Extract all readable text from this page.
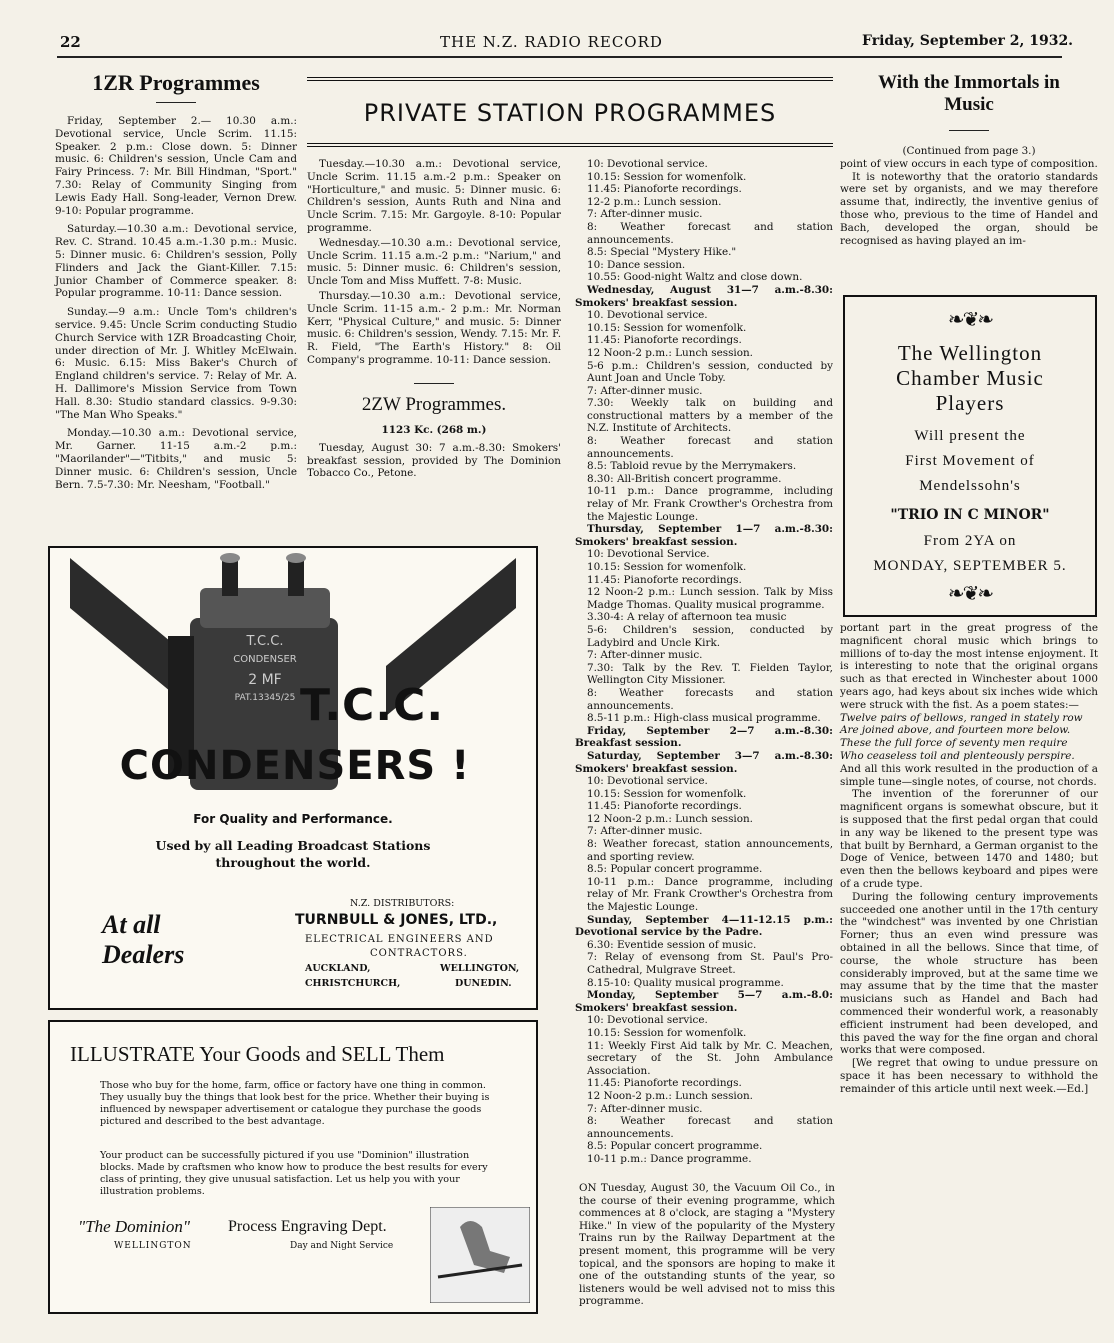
22	THE N.Z. RADIO RECORD	Friday, September 2, 1932.
1ZR Programmes
Friday, September 2.— 10.30 a.m.: Devotional service, Uncle Scrim. 11.15: Speaker. 2 p.m.: Close down. 5: Dinner music. 6: Children's session, Uncle Cam and Fairy Princess. 7: Mr. Bill Hindman, "Sport." 7.30: Relay of Community Singing from Lewis Eady Hall. Song-leader, Vernon Drew. 9-10: Popular programme.
Saturday.—10.30 a.m.: Devotional service, Rev. C. Strand. 10.45 a.m.-1.30 p.m.: Music. 5: Dinner music. 6: Children's session, Polly Flinders and Jack the Giant-Killer. 7.15: Junior Chamber of Commerce speaker. 8: Popular programme. 10-11: Dance session.
Sunday.—9 a.m.: Uncle Tom's children's service. 9.45: Uncle Scrim conducting Studio Church Service with 1ZR Broadcasting Choir, under direction of Mr. J. Whitley McElwain. 6: Music. 6.15: Miss Baker's Church of England children's service. 7: Relay of Mr. A. H. Dallimore's Mission Service from Town Hall. 8.30: Studio standard classics. 9-9.30: "The Man Who Speaks."
Monday.—10.30 a.m.: Devotional service, Mr. Garner. 11-15 a.m.-2 p.m.: "Maorilander"—"Titbits," and music 5: Dinner music. 6: Children's session, Uncle Bern. 7.5-7.30: Mr. Neesham, "Football."
PRIVATE STATION PROGRAMMES
Tuesday.—10.30 a.m.: Devotional service, Uncle Scrim. 11.15 a.m.-2 p.m.: Speaker on "Horticulture," and music. 5: Dinner music. 6: Children's session, Aunts Ruth and Nina and Uncle Scrim. 7.15: Mr. Gargoyle. 8-10: Popular programme.
Wednesday.—10.30 a.m.: Devotional service, Uncle Scrim. 11.15 a.m.-2 p.m.: "Narium," and music. 5: Dinner music. 6: Children's session, Uncle Tom and Miss Muffett. 7-8: Music.
Thursday.—10.30 a.m.: Devotional service, Uncle Scrim. 11-15 a.m.- 2 p.m.: Mr. Norman Kerr, "Physical Culture," and music. 5: Dinner music. 6: Children's session, Wendy. 7.15: Mr. F. R. Field, "The Earth's History." 8: Oil Company's programme. 10-11: Dance session.
2ZW Programmes.
1123 Kc. (268 m.)
Tuesday, August 30: 7 a.m.-8.30: Smokers' breakfast session, provided by The Dominion Tobacco Co., Petone.
10: Devotional service.
10.15: Session for womenfolk.
11.45: Pianoforte recordings.
12-2 p.m.: Lunch session.
7: After-dinner music.
8: Weather forecast and station announcements.
8.5: Special "Mystery Hike."
10: Dance session.
10.55: Good-night Waltz and close down.
Wednesday, August 31—7 a.m.-8.30: Smokers' breakfast session.
10. Devotional service.
10.15: Session for womenfolk.
11.45: Pianoforte recordings.
12 Noon-2 p.m.: Lunch session.
5-6 p.m.: Children's session, conducted by Aunt Joan and Uncle Toby.
7: After-dinner music.
7.30: Weekly talk on building and constructional matters by a member of the N.Z. Institute of Architects.
8: Weather forecast and station announcements.
8.5: Tabloid revue by the Merrymakers.
8.30: All-British concert programme.
10-11 p.m.: Dance programme, including relay of Mr. Frank Crowther's Orchestra from the Majestic Lounge.
Thursday, September 1—7 a.m.-8.30: Smokers' breakfast session.
10: Devotional Service.
10.15: Session for womenfolk.
11.45: Pianoforte recordings.
12 Noon-2 p.m.: Lunch session. Talk by Miss Madge Thomas. Quality musical programme.
3.30-4: A relay of afternoon tea music
5-6: Children's session, conducted by Ladybird and Uncle Kirk.
7: After-dinner music.
7.30: Talk by the Rev. T. Fielden Taylor, Wellington City Missioner.
8: Weather forecasts and station announcements.
8.5-11 p.m.: High-class musical programme.
Friday, September 2—7 a.m.-8.30: Breakfast session.
Saturday, September 3—7 a.m.-8.30: Smokers' breakfast session.
10: Devotional service.
10.15: Session for womenfolk.
11.45: Pianoforte recordings.
12 Noon-2 p.m.: Lunch session.
7: After-dinner music.
8: Weather forecast, station announcements, and sporting review.
8.5: Popular concert programme.
10-11 p.m.: Dance programme, including relay of Mr. Frank Crowther's Orchestra from the Majestic Lounge.
Sunday, September 4—11-12.15 p.m.: Devotional service by the Padre.
6.30: Eventide session of music.
7: Relay of evensong from St. Paul's Pro-Cathedral, Mulgrave Street.
8.15-10: Quality musical programme.
Monday, September 5—7 a.m.-8.0: Smokers' breakfast session.
10: Devotional service.
10.15: Session for womenfolk.
11: Weekly First Aid talk by Mr. C. Meachen, secretary of the St. John Ambulance Association.
11.45: Pianoforte recordings.
12 Noon-2 p.m.: Lunch session.
7: After-dinner music.
8: Weather forecast and station announcements.
8.5: Popular concert programme.
10-11 p.m.: Dance programme.
ON Tuesday, August 30, the Vacuum Oil Co., in the course of their evening programme, which commences at 8 o'clock, are staging a "Mystery Hike." In view of the popularity of the Mystery Trains run by the Railway Department at the present moment, this programme will be very topical, and the sponsors are hoping to make it one of the outstanding stunts of the year, so listeners would be well advised not to miss this programme.
With the Immortals in
Music
(Continued from page 3.)
point of view occurs in each type of composition.
It is noteworthy that the oratorio standards were set by organists, and we may therefore assume that, indirectly, the inventive genius of those who, previous to the time of Handel and Bach, developed the organ, should be recognised as having played an im-
❧❦❧
The Wellington
Chamber Music
Players
Will present the
First Movement of
Mendelssohn's
"TRIO IN C MINOR"
From 2YA on
MONDAY, SEPTEMBER 5.
❧❦❧
portant part in the great progress of the magnificent choral music which brings to millions of to-day the most intense enjoyment. It is interesting to note that the original organs such as that erected in Winchester about 1000 years ago, had keys about six inches wide which were struck with the fist. As a poem states:—
Twelve pairs of bellows, ranged in stately row
Are joined above, and fourteen more below.
These the full force of seventy men require
Who ceaseless toil and plenteously perspire.
And all this work resulted in the production of a simple tune—single notes, of course, not chords.
The invention of the forerunner of our magnificent organs is somewhat obscure, but it is supposed that the first pedal organ that could in any way be likened to the present type was that built by Bernhard, a German organist to the Doge of Venice, between 1470 and 1480; but even then the bellows keyboard and pipes were of a crude type.
During the following century improvements succeeded one another until in the 17th century the "windchest" was invented by one Christian Forner; thus an even wind pressure was obtained in all the bellows. Since that time, of course, the whole structure has been considerably improved, but at the same time we may assume that by the time that the master musicians such as Handel and Bach had commenced their wonderful work, a reasonably efficient instrument had been developed, and this paved the way for the fine organ and choral works that were composed.
[We regret that owing to undue pressure on space it has been necessary to withhold the remainder of this article until next week.—Ed.]
T.C.C.
CONDENSER
2 MF
PAT.13345/25 T.C.C.
CONDENSERS !
For Quality and Performance.
Used by all Leading Broadcast Stations
throughout the world.
At all
Dealers
N.Z. DISTRIBUTORS:
TURNBULL & JONES, LTD.,
ELECTRICAL ENGINEERS AND
CONTRACTORS.
AUCKLAND,	WELLINGTON,
CHRISTCHURCH,	DUNEDIN.
ILLUSTRATE Your Goods and SELL Them
Those who buy for the home, farm, office or factory have one thing in common. They usually buy the things that look best for the price. Whether their buying is influenced by newspaper advertisement or catalogue they purchase the goods pictured and described to the best advantage.
Your product can be successfully pictured if you use "Dominion" illustration blocks. Made by craftsmen who know how to produce the best results for every class of printing, they give unusual satisfaction. Let us help you with your illustration problems.
"The Dominion" Process Engraving Dept.
WELLINGTON	Day and Night Service
